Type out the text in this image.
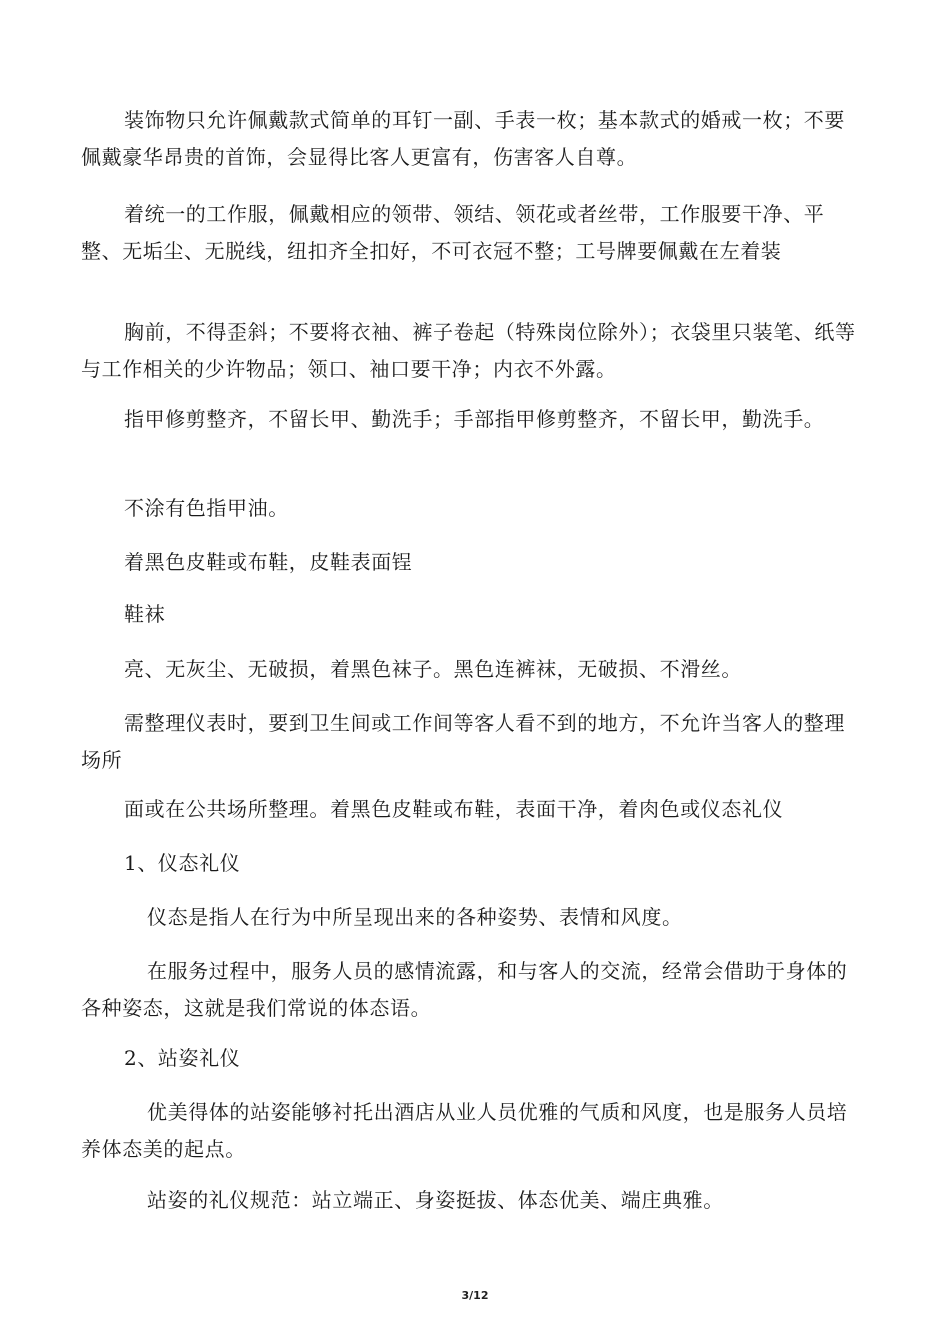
装饰物只允许佩戴款式简单的耳钉一副、手表一枚；基本款式的婚戒一枚；不要佩戴豪华昂贵的首饰，会显得比客人更富有，伤害客人自尊。

着统一的工作服，佩戴相应的领带、领结、领花或者丝带，工作服要干净、平整、无垢尘、无脱线，纽扣齐全扣好，不可衣冠不整；工号牌要佩戴在左着装

胸前，不得歪斜；不要将衣袖、裤子卷起（特殊岗位除外）；衣袋里只装笔、纸等与工作相关的少许物品；领口、袖口要干净；内衣不外露。

指甲修剪整齐，不留长甲、勤洗手；手部指甲修剪整齐，不留长甲，勤洗手。

不涂有色指甲油。

着黑色皮鞋或布鞋，皮鞋表面锃

鞋袜

亮、无灰尘、无破损，着黑色袜子。黑色连裤袜，无破损、不滑丝。

需整理仪表时，要到卫生间或工作间等客人看不到的地方，不允许当客人的整理场所

面或在公共场所整理。着黑色皮鞋或布鞋，表面干净，着肉色或仪态礼仪

1、仪态礼仪

仪态是指人在行为中所呈现出来的各种姿势、表情和风度。

在服务过程中，服务人员的感情流露，和与客人的交流，经常会借助于身体的各种姿态，这就是我们常说的体态语。

2、站姿礼仪

优美得体的站姿能够衬托出酒店从业人员优雅的气质和风度，也是服务人员培养体态美的起点。

站姿的礼仪规范：站立端正、身姿挺拔、体态优美、端庄典雅。

3/12
